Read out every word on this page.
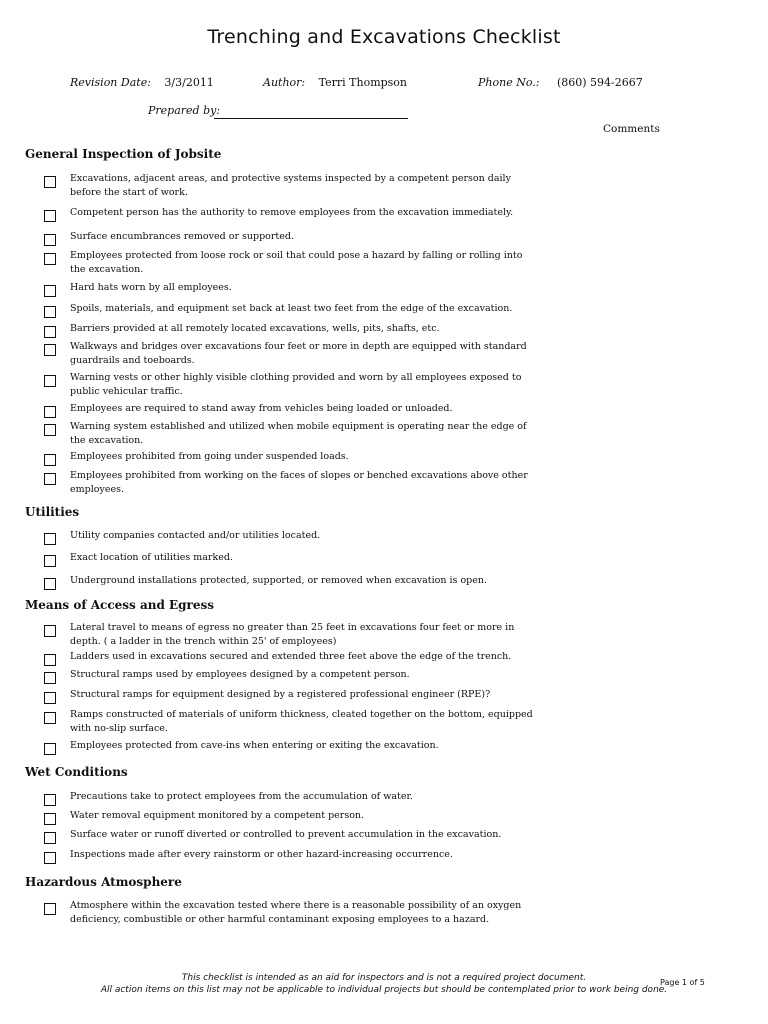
Trenching and Excavations Checklist
Revision Date: 3/3/2011	Author: Terri Thompson	Phone No.: (860) 594-2667
Prepared by:
Comments
General Inspection of Jobsite
Excavations, adjacent areas, and protective systems inspected by a competent person daily before the start of work.
Competent person has the authority to remove employees from the excavation immediately.
Surface encumbrances removed or supported.
Employees protected from loose rock or soil that could pose a hazard by falling or rolling into the excavation.
Hard hats worn by all employees.
Spoils, materials, and equipment set back at least two feet from the edge of the excavation.
Barriers provided at all remotely located excavations, wells, pits, shafts, etc.
Walkways and bridges over excavations four feet or more in depth are equipped with standard guardrails and toeboards.
Warning vests or other highly visible clothing provided and worn by all employees exposed to public vehicular traffic.
Employees are required to stand away from vehicles being loaded or unloaded.
Warning system established and utilized when mobile equipment is operating near the edge of the excavation.
Employees prohibited from going under suspended loads.
Employees prohibited from working on the faces of slopes or benched excavations above other employees.
Utilities
Utility companies contacted and/or utilities located.
Exact location of utilities marked.
Underground installations protected, supported, or removed when excavation is open.
Means of Access and Egress
Lateral travel to means of egress no greater than 25 feet in excavations four feet or more in depth. ( a ladder in the trench within 25' of employees)
Ladders used in excavations secured and extended three feet above the edge of the trench.
Structural ramps used by employees designed by a competent person.
Structural ramps for equipment designed by a registered professional engineer (RPE)?
Ramps constructed of materials of uniform thickness, cleated together on the bottom, equipped with no-slip surface.
Employees protected from cave-ins when entering or exiting the excavation.
Wet Conditions
Precautions take to protect employees from the accumulation of water.
Water removal equipment monitored by a competent person.
Surface water or runoff diverted or controlled to prevent accumulation in the excavation.
Inspections made after every rainstorm or other hazard-increasing occurrence.
Hazardous Atmosphere
Atmosphere within the excavation tested where there is a reasonable possibility of an oxygen deficiency, combustible or other harmful contaminant exposing employees to a hazard.
This checklist is intended as an aid for inspectors and is not a required project document.
All action items on this list may not be applicable to individual projects but should be contemplated prior to work being done.
Page 1 of 5
